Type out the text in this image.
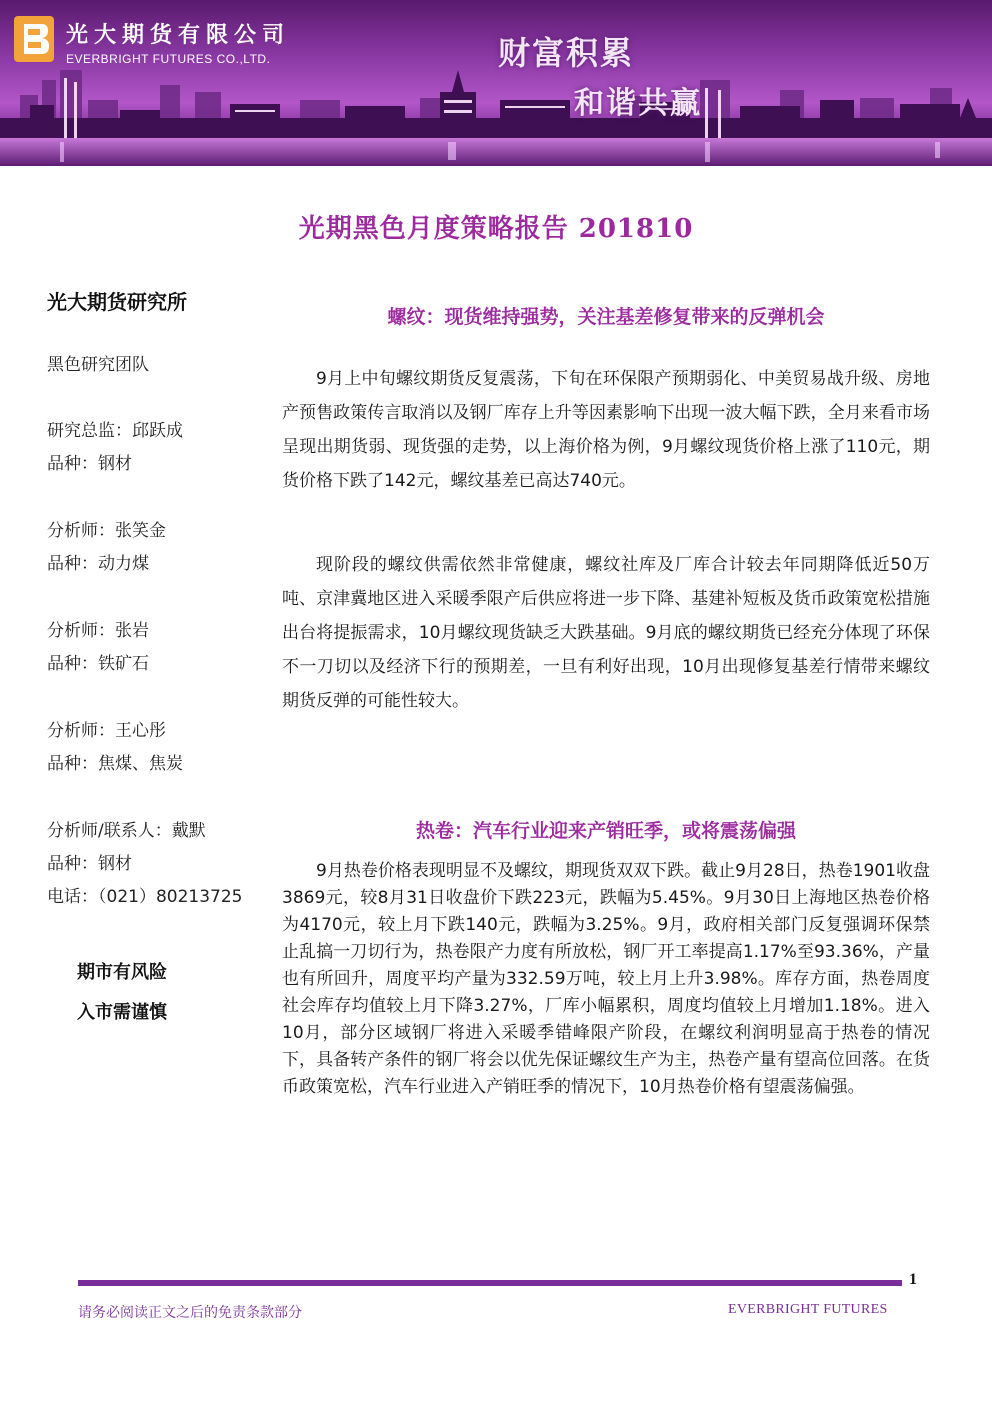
光大期货有限公司
EVERBRIGHT FUTURES CO.,LTD.	财富积累
和谐共赢
光期黑色月度策略报告 201810
光大期货研究所
黑色研究团队
研究总监：邱跃成
品种：钢材
分析师：张笑金
品种：动力煤
分析师：张岩
品种：铁矿石
分析师：王心彤
品种：焦煤、焦炭
分析师/联系人：戴默
品种：钢材
电话：（021）80213725
期市有风险
入市需谨慎
螺纹：现货维持强势，关注基差修复带来的反弹机会
9月上中旬螺纹期货反复震荡，下旬在环保限产预期弱化、中美贸易战升级、房地产预售政策传言取消以及钢厂库存上升等因素影响下出现一波大幅下跌，全月来看市场呈现出期货弱、现货强的走势，以上海价格为例，9月螺纹现货价格上涨了110元，期货价格下跌了142元，螺纹基差已高达740元。
现阶段的螺纹供需依然非常健康，螺纹社库及厂库合计较去年同期降低近50万吨、京津冀地区进入采暖季限产后供应将进一步下降、基建补短板及货币政策宽松措施出台将提振需求，10月螺纹现货缺乏大跌基础。9月底的螺纹期货已经充分体现了环保不一刀切以及经济下行的预期差，一旦有利好出现，10月出现修复基差行情带来螺纹期货反弹的可能性较大。
热卷：汽车行业迎来产销旺季，或将震荡偏强
9月热卷价格表现明显不及螺纹，期现货双双下跌。截止9月28日，热卷1901收盘3869元，较8月31日收盘价下跌223元，跌幅为5.45%。9月30日上海地区热卷价格为4170元，较上月下跌140元，跌幅为3.25%。9月，政府相关部门反复强调环保禁止乱搞一刀切行为，热卷限产力度有所放松，钢厂开工率提高1.17%至93.36%，产量也有所回升，周度平均产量为332.59万吨，较上月上升3.98%。库存方面，热卷周度社会库存均值较上月下降3.27%，厂库小幅累积，周度均值较上月增加1.18%。进入10月，部分区域钢厂将进入采暖季错峰限产阶段，在螺纹利润明显高于热卷的情况下，具备转产条件的钢厂将会以优先保证螺纹生产为主，热卷产量有望高位回落。在货币政策宽松，汽车行业进入产销旺季的情况下，10月热卷价格有望震荡偏强。
1
请务必阅读正文之后的免责条款部分	EVERBRIGHT FUTURES
